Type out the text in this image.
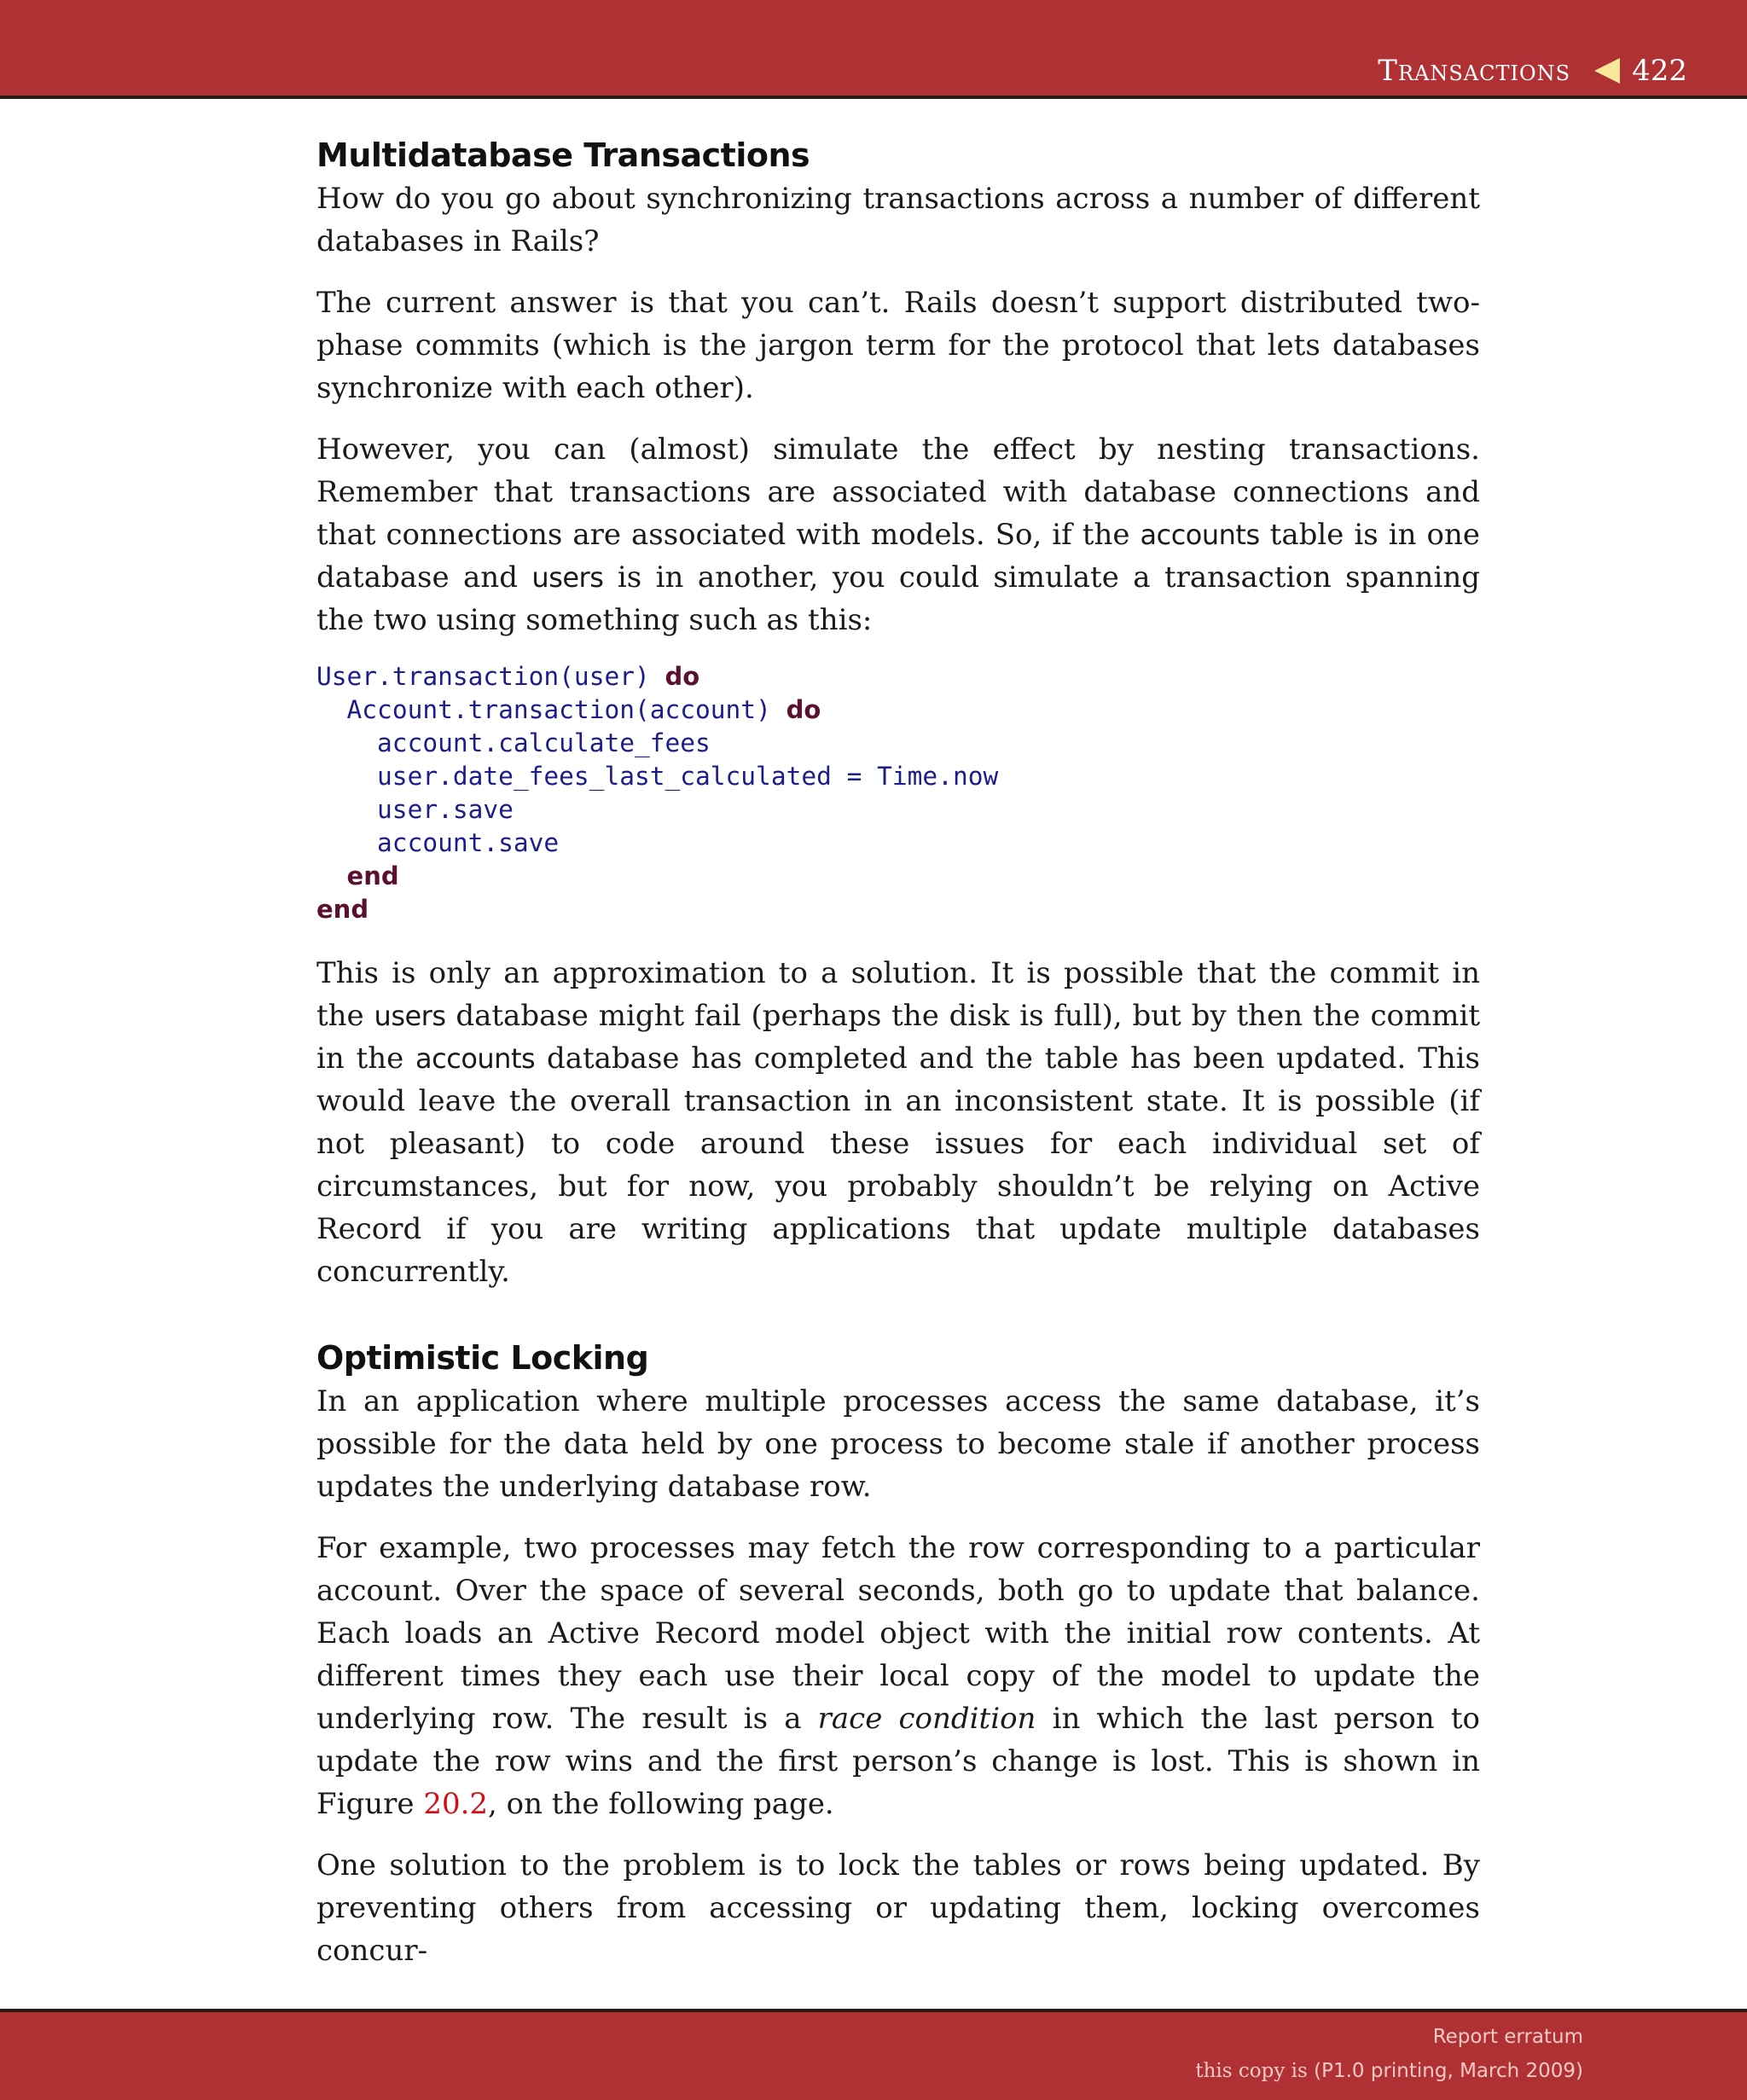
Transactions 422
Multidatabase Transactions

How do you go about synchronizing transactions across a number of different databases in Rails?

The current answer is that you can’t. Rails doesn’t support distributed two-phase commits (which is the jargon term for the protocol that lets databases synchronize with each other).

However, you can (almost) simulate the effect by nesting transactions. Remember that transactions are associated with database connections and that connections are associated with models. So, if the accounts table is in one database and users is in another, you could simulate a transaction spanning the two using something such as this:

User.transaction(user) do
Account.transaction(account) do
account.calculate_fees
user.date_fees_last_calculated = Time.now
user.save
account.save
end
end

This is only an approximation to a solution. It is possible that the commit in the users database might fail (perhaps the disk is full), but by then the commit in the accounts database has completed and the table has been updated. This would leave the overall transaction in an inconsistent state. It is possible (if not pleasant) to code around these issues for each individual set of circumstances, but for now, you probably shouldn’t be relying on Active Record if you are writing applications that update multiple databases concurrently.

Optimistic Locking

In an application where multiple processes access the same database, it’s possible for the data held by one process to become stale if another process updates the underlying database row.

For example, two processes may fetch the row corresponding to a particular account. Over the space of several seconds, both go to update that balance. Each loads an Active Record model object with the initial row contents. At different times they each use their local copy of the model to update the underlying row. The result is a race condition in which the last person to update the row wins and the first person’s change is lost. This is shown in Figure 20.2, on the following page.

One solution to the problem is to lock the tables or rows being updated. By preventing others from accessing or updating them, locking overcomes concur-

Report erratum
this copy is (P1.0 printing, March 2009)
